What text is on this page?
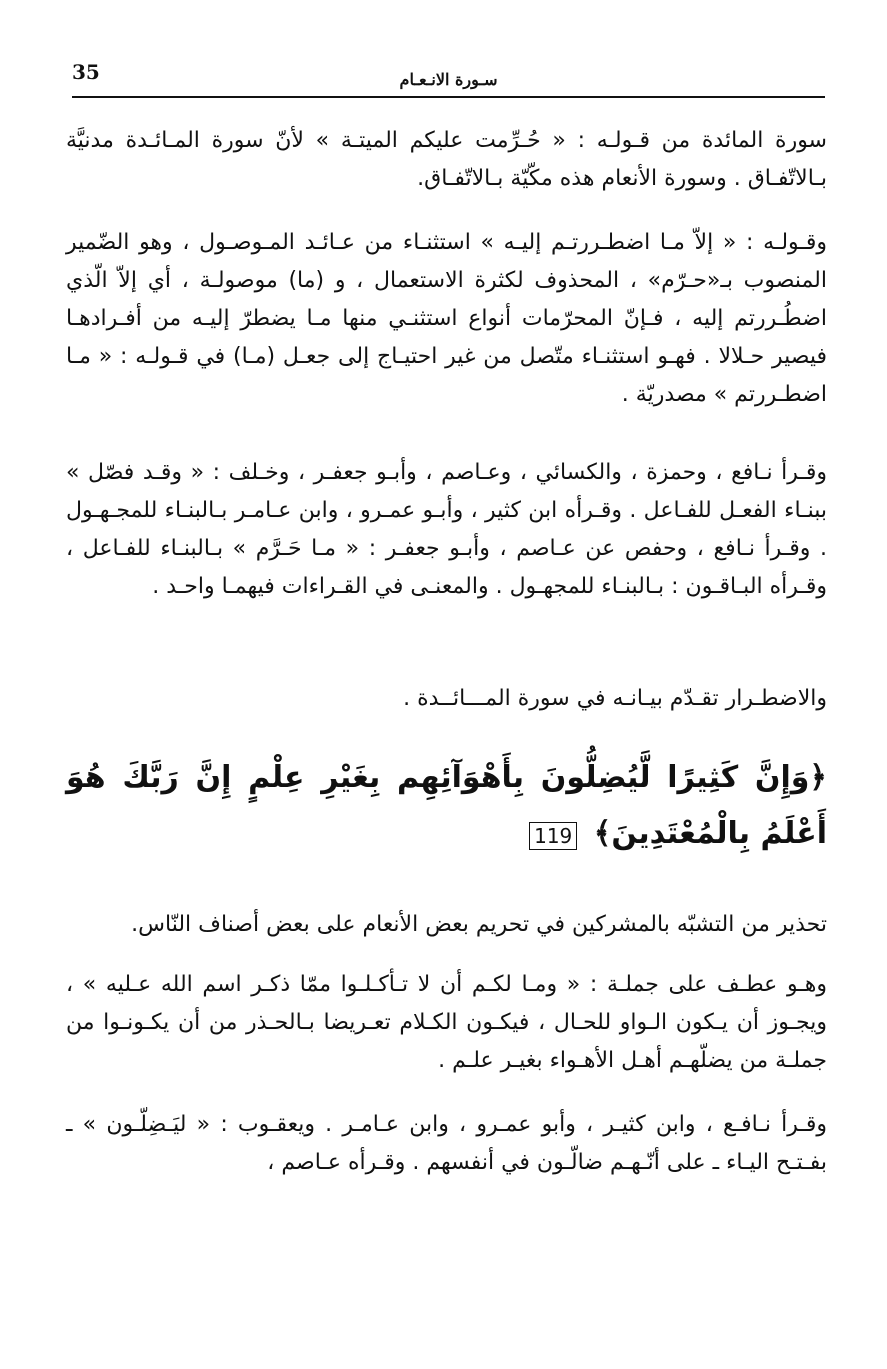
35	سـورة الانـعـام

سورة المائدة من قـولـه : « حُـرِّمت عليكم الميتـة » لأنّ سورة المـائـدة مدنيَّة بـالاتّفـاق . وسورة الأنعام هذه مكّيّة بـالاتّفـاق.

وقـولـه : « إلاّ مـا اضطـررتـم إليـه » استثنـاء من عـائـد المـوصـول ، وهو الضّمير المنصوب بـ«حـرّم» ، المحذوف لكثرة الاستعمال ، و (ما) موصولـة ، أي إلاّ الّذي اضطُـررتم إليه ، فـإنّ المحرّمات أنواع استثنـي منها مـا يضطرّ إليـه من أفـرادهـا فيصير حـلالا . فهـو استثنـاء متّصل من غير احتيـاج إلى جعـل (مـا) في قـولـه : « مـا اضطـررتم » مصدريّة .

وقـرأ نـافع ، وحمزة ، والكسائي ، وعـاصم ، وأبـو جعفـر ، وخـلف : « وقـد فصّل » ببنـاء الفعـل للفـاعل . وقـرأه ابن كثير ، وأبـو عمـرو ، وابن عـامـر بـالبنـاء للمجـهـول . وقـرأ نـافع ، وحفص عن عـاصم ، وأبـو جعفـر : « مـا حَـرَّم » بـالبنـاء للفـاعل ، وقـرأه البـاقـون : بـالبنـاء للمجهـول . والمعنـى في القـراءات فيهمـا واحـد .

والاضطـرار تقـدّم بيـانـه في سورة المـــائــدة .

﴿وَإِنَّ كَثِيرًا لَّيُضِلُّونَ بِأَهْوَآئِهِم بِغَيْرِ عِلْمٍ إِنَّ رَبَّكَ هُوَ أَعْلَمُ بِالْمُعْتَدِينَ﴾ 119

تحذير من التشبّه بالمشركين في تحريم بعض الأنعام على بعض أصناف النّاس.

وهـو عطـف على جملـة : « ومـا لكـم أن لا تـأكـلـوا ممّا ذكـر اسم الله عـليه » ، ويجـوز أن يـكون الـواو للحـال ، فيكـون الكـلام تعـريضا بـالحـذر من أن يكـونـوا من جملـة من يضلّهـم أهـل الأهـواء بغيـر علـم .

وقـرأ نـافـع ، وابن كثيـر ، وأبو عمـرو ، وابن عـامـر . ويعقـوب : « ليَـضِلّـون » ـ بفـتـح اليـاء ـ على أنّـهـم ضالّـون في أنفسهم . وقـرأه عـاصم ،
